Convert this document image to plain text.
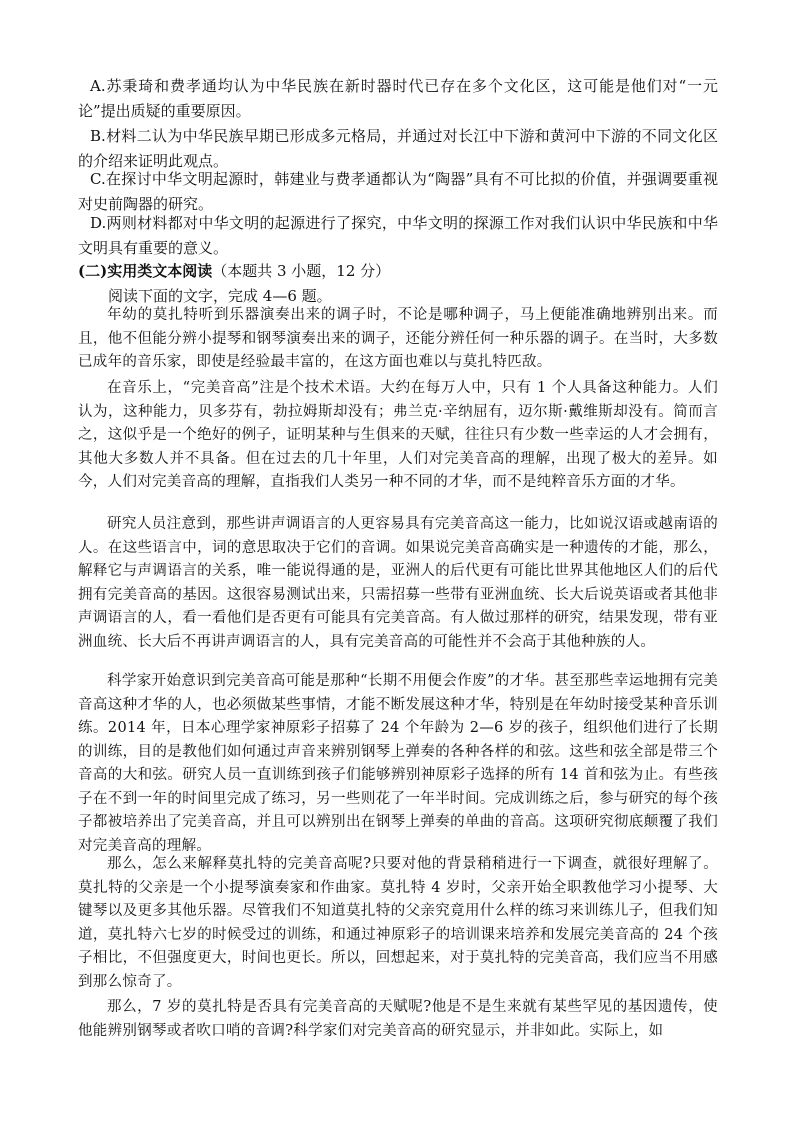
A.苏秉琦和费孝通均认为中华民族在新时器时代已存在多个文化区，这可能是他们对“一元论”提出质疑的重要原因。
B.材料二认为中华民族早期已形成多元格局，并通过对长江中下游和黄河中下游的不同文化区的介绍来证明此观点。
C.在探讨中华文明起源时，韩建业与费孝通都认为“陶器”具有不可比拟的价值，并强调要重视对史前陶器的研究。
D.两则材料都对中华文明的起源进行了探究，中华文明的探源工作对我们认识中华民族和中华文明具有重要的意义。
(二)实用类文本阅读（本题共 3 小题，12 分）
阅读下面的文字，完成 4—6 题。
年幼的莫扎特听到乐器演奏出来的调子时，不论是哪种调子，马上便能准确地辨别出来。而且，他不但能分辨小提琴和钢琴演奏出来的调子，还能分辨任何一种乐器的调子。在当时，大多数已成年的音乐家，即使是经验最丰富的，在这方面也难以与莫扎特匹敌。
在音乐上，“完美音高”注是个技术术语。大约在每万人中，只有 1 个人具备这种能力。人们认为，这种能力，贝多芬有，勃拉姆斯却没有；弗兰克·辛纳屈有，迈尔斯·戴维斯却没有。简而言之，这似乎是一个绝好的例子，证明某种与生俱来的天赋，往往只有少数一些幸运的人才会拥有，其他大多数人并不具备。但在过去的几十年里，人们对完美音高的理解，出现了极大的差异。如今，人们对完美音高的理解，直指我们人类另一种不同的才华，而不是纯粹音乐方面的才华。
研究人员注意到，那些讲声调语言的人更容易具有完美音高这一能力，比如说汉语或越南语的人。在这些语言中，词的意思取决于它们的音调。如果说完美音高确实是一种遗传的才能，那么，解释它与声调语言的关系，唯一能说得通的是，亚洲人的后代更有可能比世界其他地区人们的后代拥有完美音高的基因。这很容易测试出来，只需招募一些带有亚洲血统、长大后说英语或者其他非声调语言的人，看一看他们是否更有可能具有完美音高。有人做过那样的研究，结果发现，带有亚洲血统、长大后不再讲声调语言的人，具有完美音高的可能性并不会高于其他种族的人。
科学家开始意识到完美音高可能是那种“长期不用便会作废”的才华。甚至那些幸运地拥有完美音高这种才华的人，也必须做某些事情，才能不断发展这种才华，特别是在年幼时接受某种音乐训练。2014 年，日本心理学家神原彩子招募了 24 个年龄为 2—6 岁的孩子，组织他们进行了长期的训练，目的是教他们如何通过声音来辨别钢琴上弹奏的各种各样的和弦。这些和弦全部是带三个音高的大和弦。研究人员一直训练到孩子们能够辨别神原彩子选择的所有 14 首和弦为止。有些孩子在不到一年的时间里完成了练习，另一些则花了一年半时间。完成训练之后，参与研究的每个孩子都被培养出了完美音高，并且可以辨别出在钢琴上弹奏的单曲的音高。这项研究彻底颠覆了我们对完美音高的理解。
那么，怎么来解释莫扎特的完美音高呢?只要对他的背景稍稍进行一下调查，就很好理解了。莫扎特的父亲是一个小提琴演奏家和作曲家。莫扎特 4 岁时，父亲开始全职教他学习小提琴、大键琴以及更多其他乐器。尽管我们不知道莫扎特的父亲究竟用什么样的练习来训练儿子，但我们知道，莫扎特六七岁的时候受过的训练，和通过神原彩子的培训课来培养和发展完美音高的 24 个孩子相比，不但强度更大，时间也更长。所以，回想起来，对于莫扎特的完美音高，我们应当不用感到那么惊奇了。
那么，7 岁的莫扎特是否具有完美音高的天赋呢?他是不是生来就有某些罕见的基因遗传，使他能辨别钢琴或者吹口哨的音调?科学家们对完美音高的研究显示，并非如此。实际上，如
